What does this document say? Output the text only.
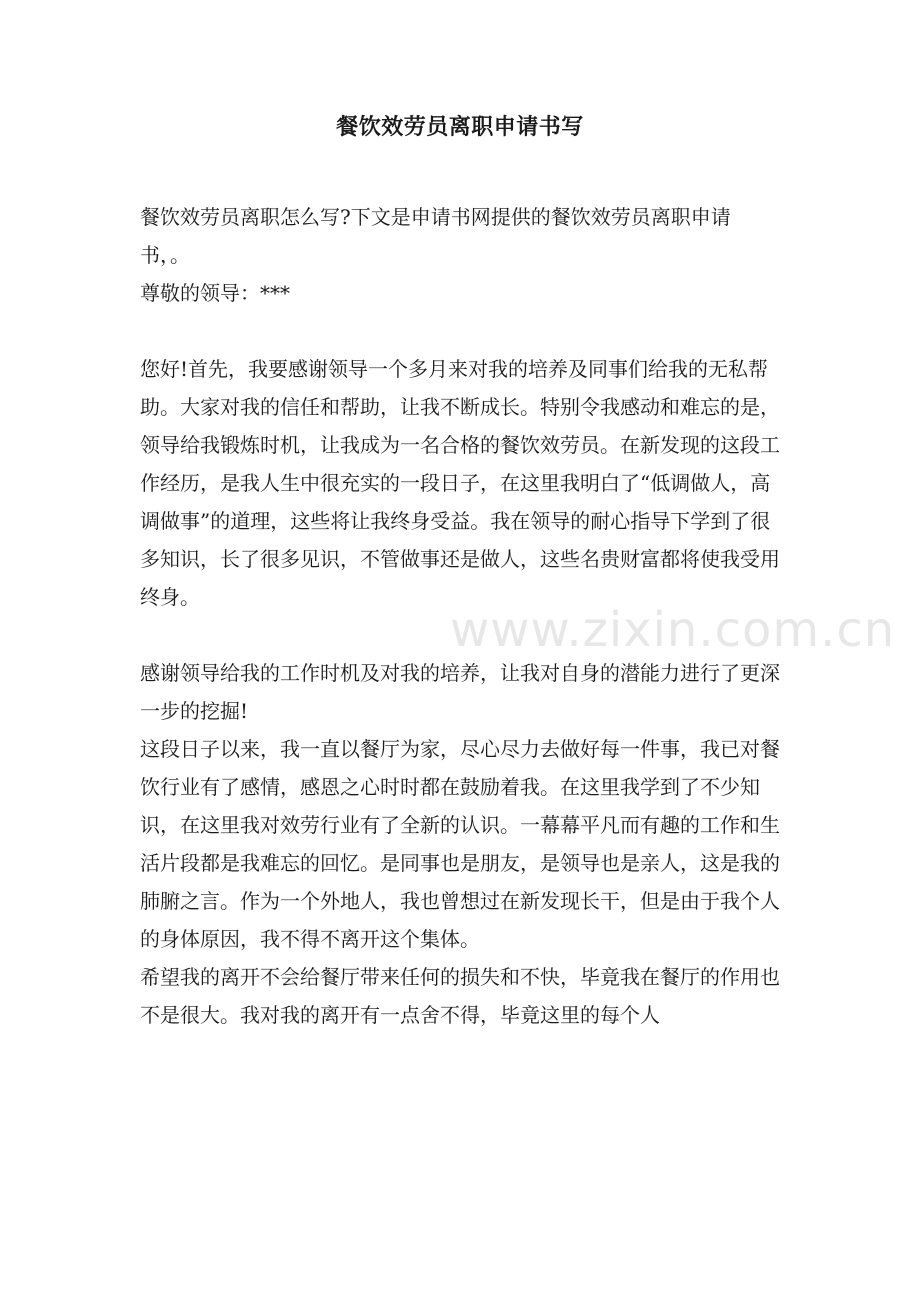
餐饮效劳员离职申请书写

餐饮效劳员离职怎么写?下文是申请书网提供的餐饮效劳员离职申请书，。

尊敬的领导：***

您好!首先，我要感谢领导一个多月来对我的培养及同事们给我的无私帮助。大家对我的信任和帮助，让我不断成长。特别令我感动和难忘的是，领导给我锻炼时机，让我成为一名合格的餐饮效劳员。在新发现的这段工作经历，是我人生中很充实的一段日子，在这里我明白了“低调做人，高调做事”的道理，这些将让我终身受益。我在领导的耐心指导下学到了很多知识，长了很多见识，不管做事还是做人，这些名贵财富都将使我受用终身。

感谢领导给我的工作时机及对我的培养，让我对自身的潜能力进行了更深一步的挖掘!

这段日子以来，我一直以餐厅为家，尽心尽力去做好每一件事，我已对餐饮行业有了感情，感恩之心时时都在鼓励着我。在这里我学到了不少知识，在这里我对效劳行业有了全新的认识。一幕幕平凡而有趣的工作和生活片段都是我难忘的回忆。是同事也是朋友，是领导也是亲人，这是我的肺腑之言。作为一个外地人，我也曾想过在新发现长干，但是由于我个人的身体原因，我不得不离开这个集体。

希望我的离开不会给餐厅带来任何的损失和不快，毕竟我在餐厅的作用也不是很大。我对我的离开有一点舍不得，毕竟这里的每个人

www.zixin.com.cn
